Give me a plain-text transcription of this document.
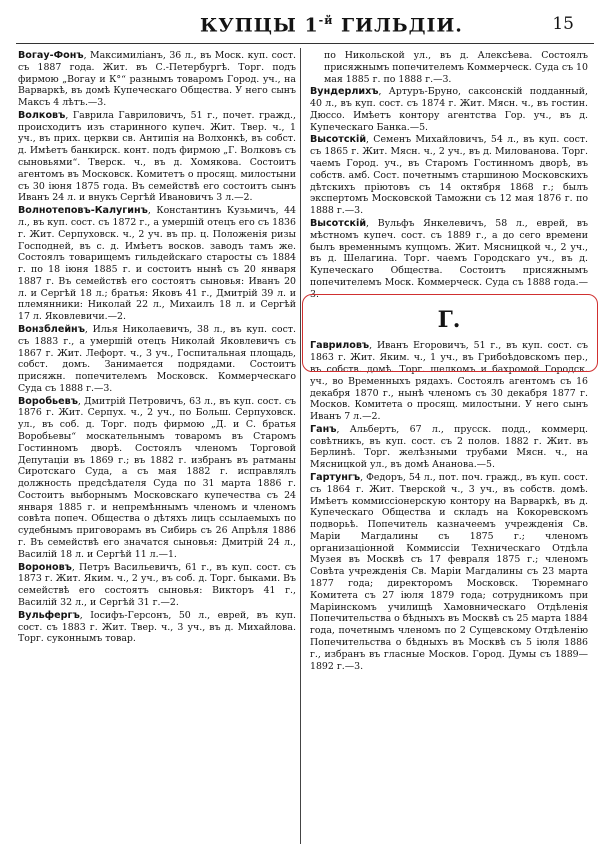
КУПЦЫ $1^{-й}$ ГИЛЬДІИ.	15

Вогау-Фонъ, Максимиліанъ, 36 л., въ Моск. куп. сост. съ 1887 года. Жит. въ С.-Петербургѣ. Торг. подъ фирмою „Вогау и К°“ разнымъ товаромъ Город. уч., на Варваркѣ, въ домѣ Купеческаго Общества. У него сынъ Максъ 4 лѣтъ.—3.

Волковъ, Гаврила Гавриловичъ, 51 г., почет. гражд., происходитъ изъ старинного купеч. Жит. Твер. ч., 1 уч., въ прих. церкви св. Антипія на Волхонкѣ, въ собст. д. Имѣетъ банкирск. конт. подъ фирмою „Г. Волковъ съ сыновьями“. Тверск. ч., въ д. Хомякова. Состоитъ агентомъ въ Московск. Комитетъ о просящ. милостыни съ 30 іюня 1875 года. Въ семействѣ его состоитъ сынъ Иванъ 24 л. и внукъ Сергѣй Ивановичъ 3 л.—2.

Волнотеповъ-Калугинъ, Константинъ Кузьмичъ, 44 л., въ куп. сост. съ 1872 г., а умершій отецъ его съ 1836 г. Жит. Серпуховск. ч., 2 уч. въ пр. ц. Положенія ризы Господней, въ с. д. Имѣетъ восков. заводъ тамъ же. Состоялъ товарищемъ гильдейскаго старосты съ 1884 г. по 18 іюня 1885 г. и состоитъ нынѣ съ 20 января 1887 г. Въ семействѣ его состоятъ сыновья: Иванъ 20 л. и Сергѣй 18 л.; братья: Яковъ 41 г., Дмитрій 39 л. и племянники: Николай 22 л., Михаилъ 18 л. и Сергѣй 17 л. Яковлевичи.—2.

Вонзблейнъ, Илья Николаевичъ, 38 л., въ куп. сост. съ 1883 г., а умершій отецъ Николай Яковлевичъ съ 1867 г. Жит. Лефорт. ч., 3 уч., Госпитальная площадь, собст. домъ. Занимается подрядами. Состоитъ присяжн. попечителемъ Московск. Коммерческаго Суда съ 1888 г.—3.

Воробьевъ, Дмитрій Петровичъ, 63 л., въ куп. сост. съ 1876 г. Жит. Серпух. ч., 2 уч., по Больш. Серпуховск. ул., въ соб. д. Торг. подъ фирмою „Д. и С. братья Воробьевы“ москательнымъ товаромъ въ Старомъ Гостинномъ дворѣ. Состоялъ членомъ Торговой Депутаціи въ 1869 г.; въ 1882 г. избранъ въ ратманы Сиротскаго Суда, а съ мая 1882 г. исправлялъ должность предсѣдателя Суда по 31 марта 1886 г. Состоитъ выборнымъ Московскаго купечества съ 24 января 1885 г. и непремѣннымъ членомъ и членомъ совѣта попеч. Общества о дѣтяхъ лицъ ссылаемыхъ по судебнымъ приговорамъ въ Сибирь съ 26 Апрѣля 1886 г. Въ семействѣ его значатся сыновья: Дмитрій 24 л., Василій 18 л. и Сергѣй 11 л.—1.

Вороновъ, Петръ Васильевичъ, 61 г., въ куп. сост. съ 1873 г. Жит. Яким. ч., 2 уч., въ соб. д. Торг. быками. Въ семействѣ его состоятъ сыновья: Викторъ 41 г., Василій 32 л., и Сергѣй 31 г.—2.

Вульфергъ, Іосифъ-Герсонъ, 50 л., еврей, въ куп. сост. съ 1883 г. Жит. Твер. ч., 3 уч., въ д. Михайлова. Торг. суконнымъ товар.

по Никольской ул., въ д. Алексѣева. Состоялъ присяжнымъ попечителемъ Коммерческ. Суда съ 10 мая 1885 г. по 1888 г.—3.

Вундерлихъ, Артуръ-Бруно, саксонскій подданный, 40 л., въ куп. сост. съ 1874 г. Жит. Мясн. ч., въ гостин. Дюссо. Имѣетъ контору агентства Гор. уч., въ д. Купеческаго Банка.—5.

Высотскій, Семенъ Михайловичъ, 54 л., въ куп. сост. съ 1865 г. Жит. Мясн. ч., 2 уч., въ д. Милованова. Торг. чаемъ Город. уч., въ Старомъ Гостинномъ дворѣ, въ собств. амб. Сост. почетнымъ старшиною Московскихъ дѣтскихъ пріютовъ съ 14 октября 1868 г.; былъ экспертомъ Московской Таможни съ 12 мая 1876 г. по 1888 г.—3.

Высотскій, Вульфъ Янкелевичъ, 58 л., еврей, въ мѣстномъ купеч. сост. съ 1889 г., а до сего времени былъ временнымъ купцомъ. Жит. Мясницкой ч., 2 уч., въ д. Шелагина. Торг. чаемъ Городскаго уч., въ д. Купеческаго Общества. Состоитъ присяжнымъ попечителемъ Моск. Коммерческ. Суда съ 1888 года.—3.

Г.

Гавриловъ, Иванъ Егоровичъ, 51 г., въ куп. сост. съ 1863 г. Жит. Яким. ч., 1 уч., въ Грибоѣдовскомъ пер., въ собств. домѣ. Торг. шелкомъ и бахромой Городск. уч., во Временныхъ рядахъ. Состоялъ агентомъ съ 16 декабря 1870 г., нынѣ членомъ съ 30 декабря 1877 г. Москов. Комитета о просящ. милостыни. У него сынъ Иванъ 7 л.—2.

Ганъ, Альбертъ, 67 л., прусск. подд., коммерц. совѣтникъ, въ куп. сост. съ 2 полов. 1882 г. Жит. въ Берлинѣ. Торг. желѣзными трубами Мясн. ч., на Мясницкой ул., въ домѣ Ананова.—5.

Гартунгъ, Федоръ, 54 л., пот. поч. гражд., въ куп. сост. съ 1864 г. Жит. Тверской ч., 3 уч., въ собств. домѣ. Имѣетъ коммиссіонерскую контору на Варваркѣ, въ д. Купеческаго Общества и складъ на Кокоревскомъ подворьѣ. Попечитель казначеемъ учрежденія Св. Маріи Магдалины съ 1875 г.; членомъ организаціонной Коммиссіи Техническаго Отдѣла Музея въ Москвѣ съ 17 февраля 1875 г.; членомъ Совѣта учрежденія Св. Маріи Магдалины съ 23 марта 1877 года; директоромъ Московск. Тюремнаго Комитета съ 27 іюля 1879 года; сотрудникомъ при Маріинскомъ училищѣ Хамовническаго Отдѣленія Попечительства о бѣдныхъ въ Москвѣ съ 25 марта 1884 года, почетнымъ членомъ по 2 Сущевскому Отдѣленію Попечительства о бѣдныхъ въ Москвѣ съ 5 іюля 1886 г., избранъ въ гласные Москов. Город. Думы съ 1889—1892 г.—3.
